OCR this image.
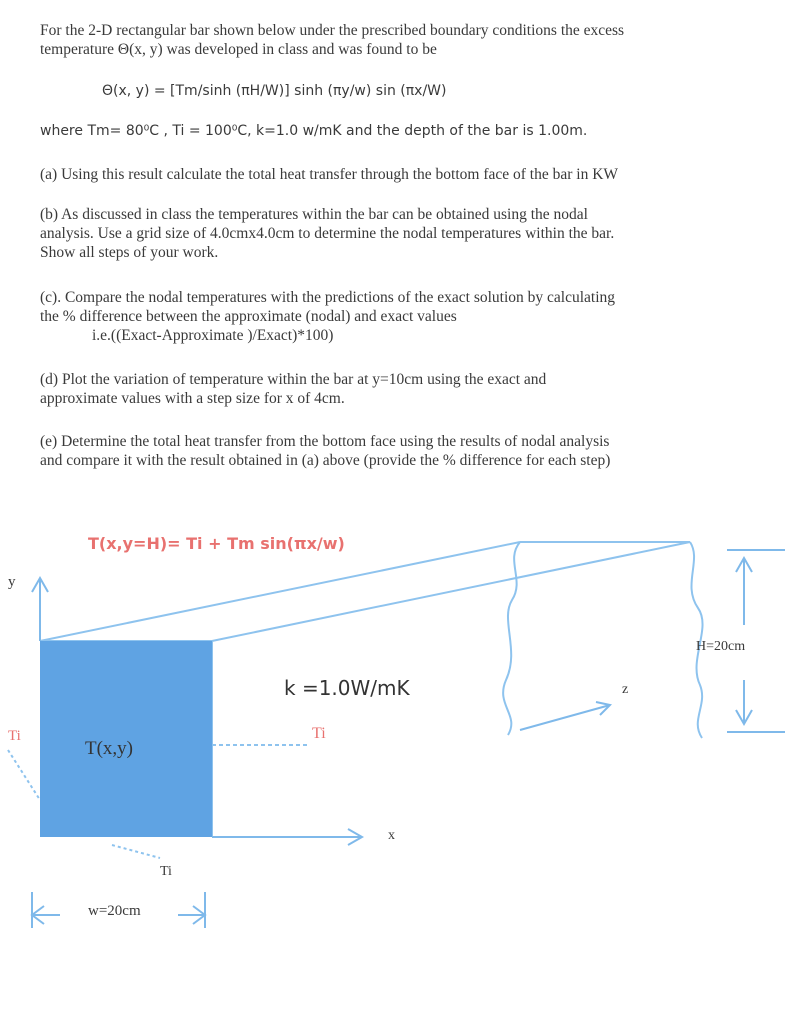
For the 2-D rectangular bar shown below under the prescribed boundary conditions the excess
temperature Θ(x, y) was developed in class and was found to be
Θ(x, y) = [Tm/sinh (πH/W)] sinh (πy/w) sin (πx/W)
where Tm= 80⁰C , Ti = 100⁰C, k=1.0 w/mK and the depth of the bar is 1.00m.
(a) Using this result calculate the total heat transfer through the bottom face of the bar in KW
(b) As discussed in class the temperatures within the bar can be obtained using the nodal
analysis. Use a grid size of 4.0cmx4.0cm to determine the nodal temperatures within the bar.
Show all steps of your work.
(c). Compare the nodal temperatures with the predictions of the exact solution by calculating
the % difference between the approximate (nodal) and exact values
i.e.((Exact-Approximate )/Exact)*100)
(d) Plot the variation of temperature within the bar at y=10cm using the exact and
approximate values with a step size for x of 4cm.
(e) Determine the total heat transfer from the bottom face using the results of nodal analysis
and compare it with the result obtained in (a) above (provide the % difference for each step)
T(x,y=H)= Ti + Tm sin(πx/w)
y
Ti
T(x,y)
Ti
w=20cm
k =1.0W/mK
Ti
x
z
H=20cm
